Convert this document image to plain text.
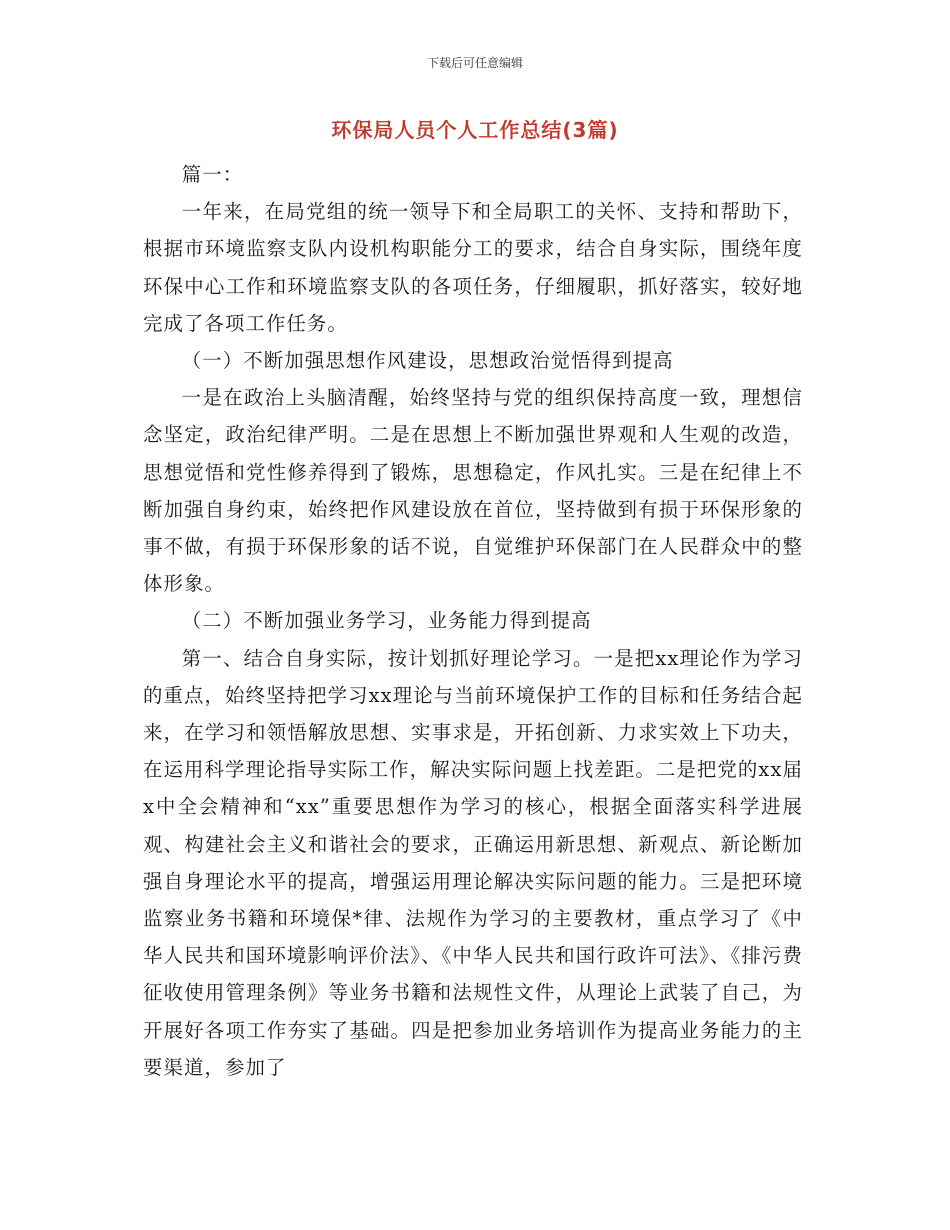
下载后可任意编辑
环保局人员个人工作总结(3篇)

篇一：

一年来，在局党组的统一领导下和全局职工的关怀、支持和帮助下，根据市环境监察支队内设机构职能分工的要求，结合自身实际，围绕年度环保中心工作和环境监察支队的各项任务，仔细履职，抓好落实，较好地完成了各项工作任务。

（一）不断加强思想作风建设，思想政治觉悟得到提高

一是在政治上头脑清醒，始终坚持与党的组织保持高度一致，理想信念坚定，政治纪律严明。二是在思想上不断加强世界观和人生观的改造，思想觉悟和党性修养得到了锻炼，思想稳定，作风扎实。三是在纪律上不断加强自身约束，始终把作风建设放在首位，坚持做到有损于环保形象的事不做，有损于环保形象的话不说，自觉维护环保部门在人民群众中的整体形象。

（二）不断加强业务学习，业务能力得到提高

第一、结合自身实际，按计划抓好理论学习。一是把xx理论作为学习的重点，始终坚持把学习xx理论与当前环境保护工作的目标和任务结合起来，在学习和领悟解放思想、实事求是，开拓创新、力求实效上下功夫，在运用科学理论指导实际工作，解决实际问题上找差距。二是把党的xx届x中全会精神和“xx”重要思想作为学习的核心，根据全面落实科学进展观、构建社会主义和谐社会的要求，正确运用新思想、新观点、新论断加强自身理论水平的提高，增强运用理论解决实际问题的能力。三是把环境监察业务书籍和环境保*律、法规作为学习的主要教材，重点学习了《中华人民共和国环境影响评价法》、《中华人民共和国行政许可法》、《排污费征收使用管理条例》等业务书籍和法规性文件，从理论上武装了自己，为开展好各项工作夯实了基础。四是把参加业务培训作为提高业务能力的主要渠道，参加了
